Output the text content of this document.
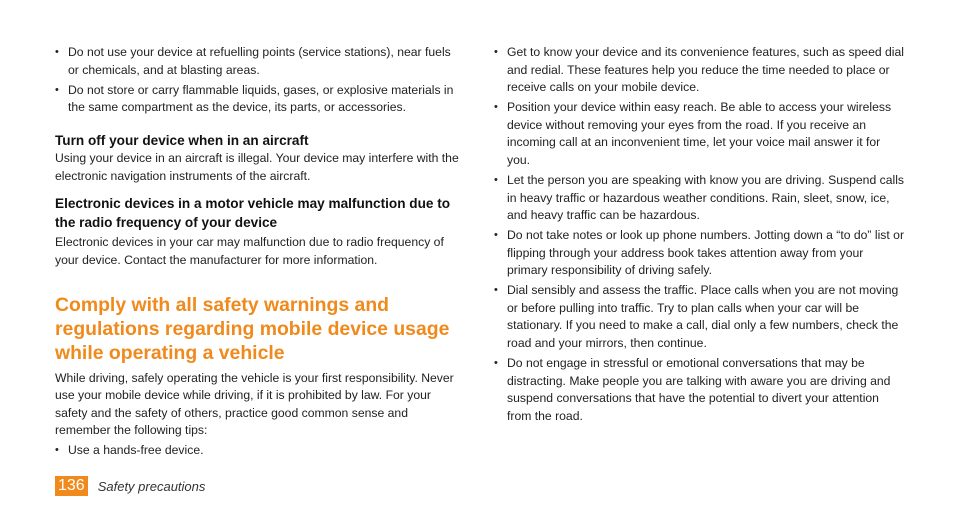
• Do not use your device at refuelling points (service stations), near fuels or chemicals, and at blasting areas.
• Do not store or carry flammable liquids, gases, or explosive materials in the same compartment as the device, its parts, or accessories.
Turn off your device when in an aircraft

Using your device in an aircraft is illegal. Your device may interfere with the electronic navigation instruments of the aircraft.

Electronic devices in a motor vehicle may malfunction due to the radio frequency of your device

Electronic devices in your car may malfunction due to radio frequency of your device. Contact the manufacturer for more information.

Comply with all safety warnings and regulations regarding mobile device usage while operating a vehicle

While driving, safely operating the vehicle is your first responsibility. Never use your mobile device while driving, if it is prohibited by law. For your safety and the safety of others, practice good common sense and remember the following tips:

• Use a hands-free device.
• Get to know your device and its convenience features, such as speed dial and redial. These features help you reduce the time needed to place or receive calls on your mobile device.
• Position your device within easy reach. Be able to access your wireless device without removing your eyes from the road. If you receive an incoming call at an inconvenient time, let your voice mail answer it for you.
• Let the person you are speaking with know you are driving. Suspend calls in heavy traffic or hazardous weather conditions. Rain, sleet, snow, ice, and heavy traffic can be hazardous.
• Do not take notes or look up phone numbers. Jotting down a “to do” list or flipping through your address book takes attention away from your primary responsibility of driving safely.
• Dial sensibly and assess the traffic. Place calls when you are not moving or before pulling into traffic. Try to plan calls when your car will be stationary. If you need to make a call, dial only a few numbers, check the road and your mirrors, then continue.
• Do not engage in stressful or emotional conversations that may be distracting. Make people you are talking with aware you are driving and suspend conversations that have the potential to divert your attention from the road.
136 Safety precautions
